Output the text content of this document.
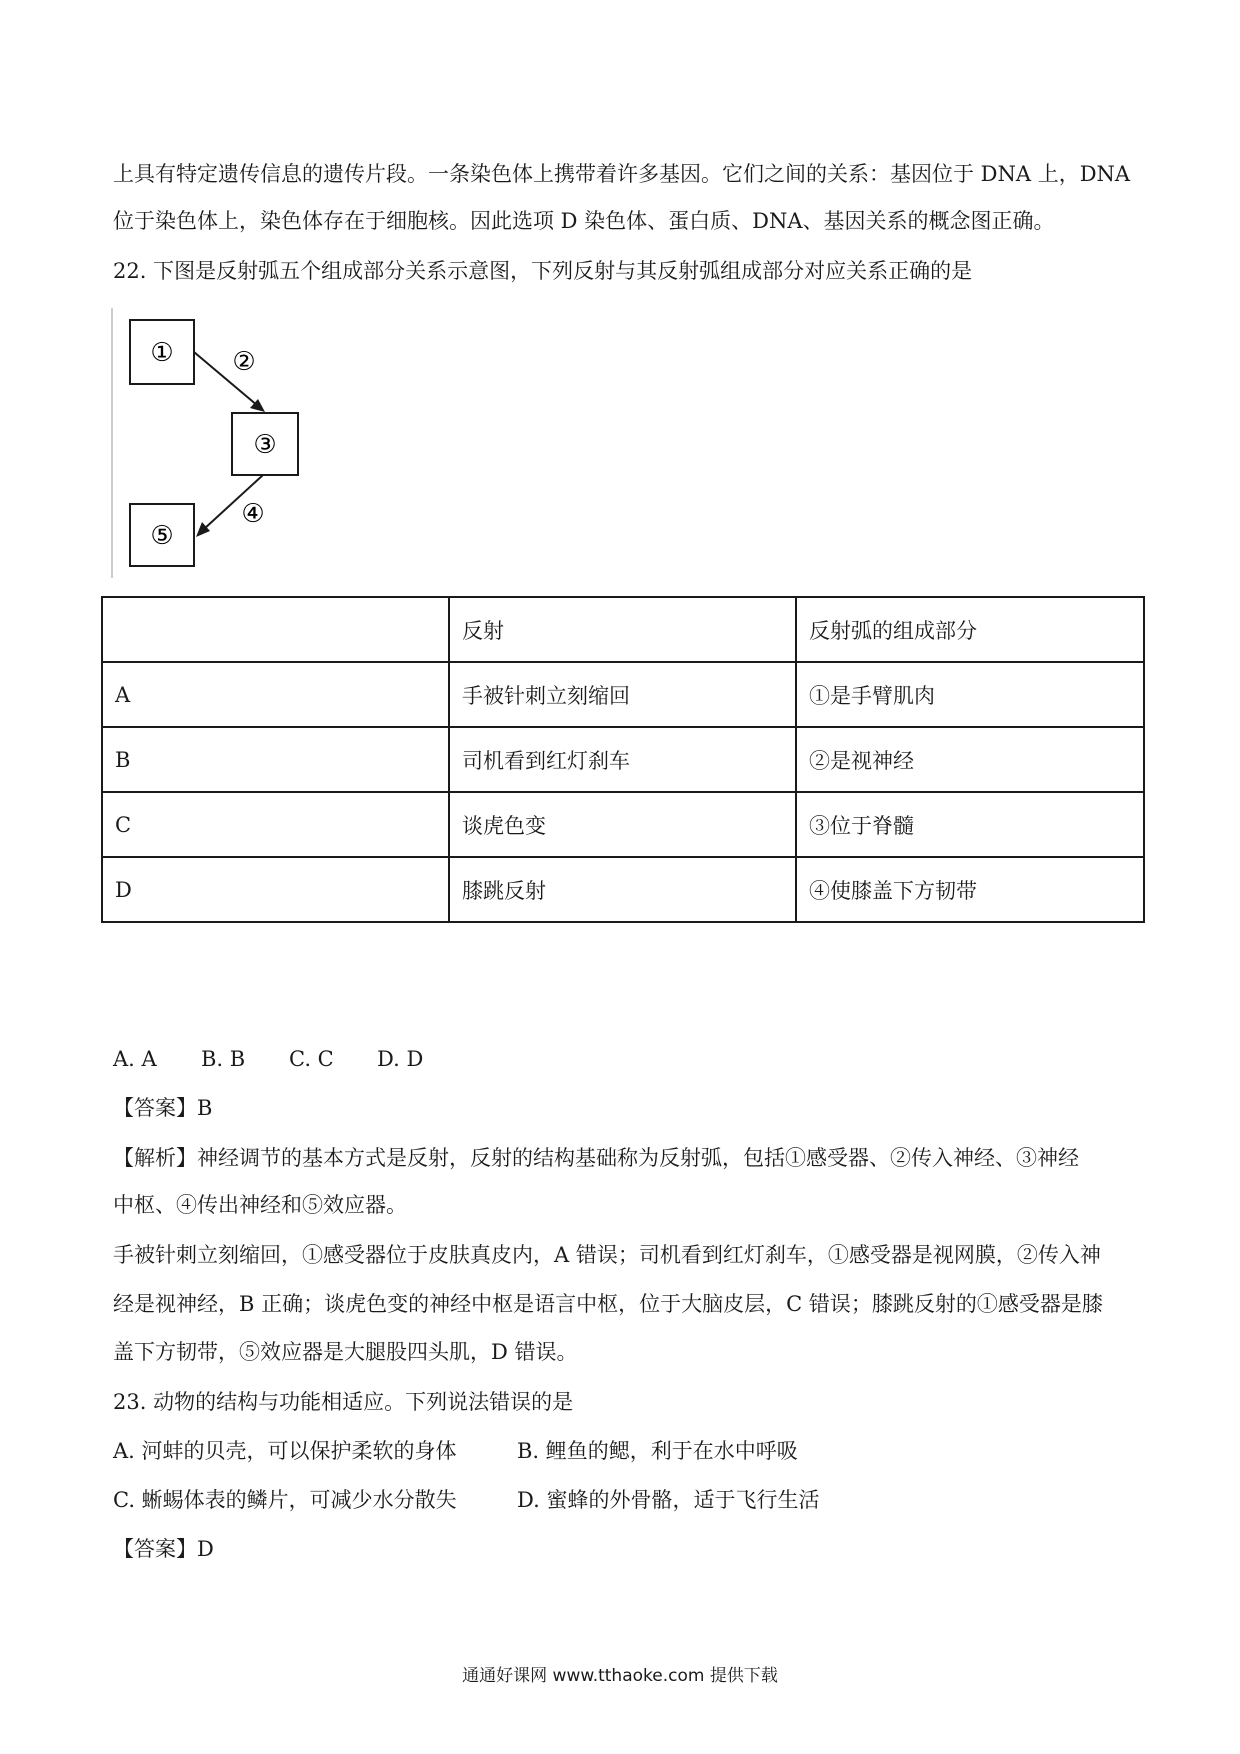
上具有特定遗传信息的遗传片段。一条染色体上携带着许多基因。它们之间的关系：基因位于 DNA 上，DNA
位于染色体上，染色体存在于细胞核。因此选项 D 染色体、蛋白质、DNA、基因关系的概念图正确。
22. 下图是反射弧五个组成部分关系示意图，下列反射与其反射弧组成部分对应关系正确的是
① ②
③
④
⑤
	反射	反射弧的组成部分
A	手被针刺立刻缩回	①是手臂肌肉
B	司机看到红灯刹车	②是视神经
C	谈虎色变	③位于脊髓
D	膝跳反射	④使膝盖下方韧带
A. A B. B C. C D. D
【答案】B
【解析】神经调节的基本方式是反射，反射的结构基础称为反射弧，包括①感受器、②传入神经、③神经
中枢、④传出神经和⑤效应器。
手被针刺立刻缩回，①感受器位于皮肤真皮内，A 错误；司机看到红灯刹车，①感受器是视网膜，②传入神
经是视神经，B 正确；谈虎色变的神经中枢是语言中枢，位于大脑皮层，C 错误；膝跳反射的①感受器是膝
盖下方韧带，⑤效应器是大腿股四头肌，D 错误。
23. 动物的结构与功能相适应。下列说法错误的是
A. 河蚌的贝壳，可以保护柔软的身体	B. 鲤鱼的鳃，利于在水中呼吸
C. 蜥蜴体表的鳞片，可减少水分散失	D. 蜜蜂的外骨骼，适于飞行生活
【答案】D
通通好课网 www.tthaoke.com 提供下载
